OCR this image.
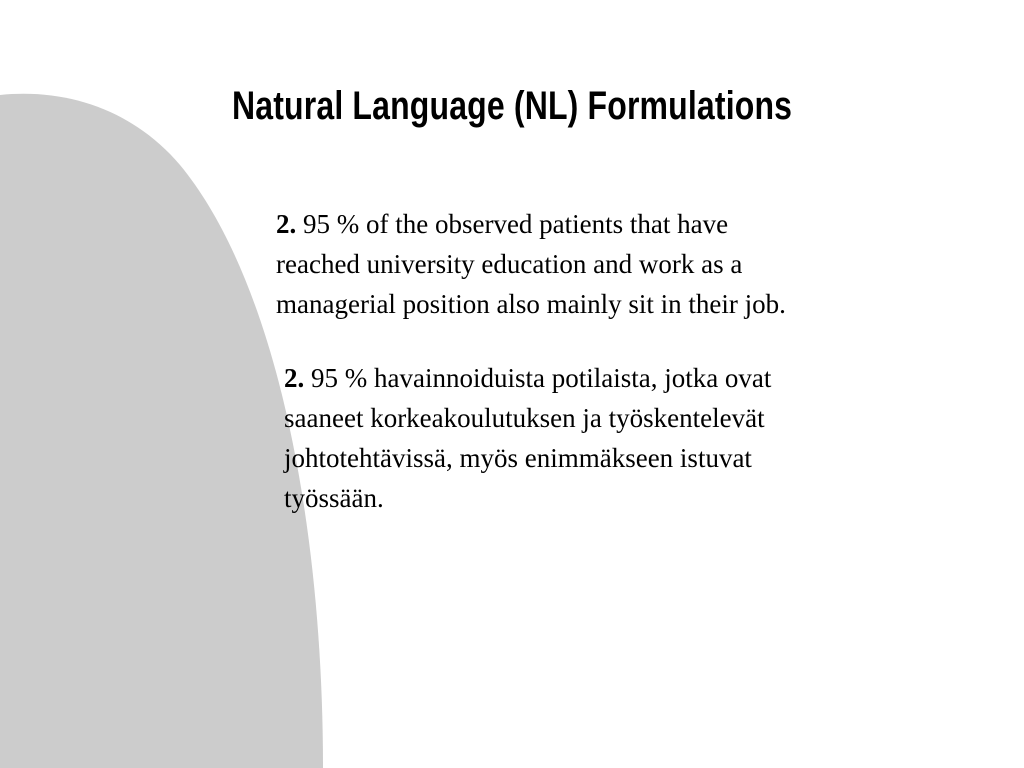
Natural Language (NL) Formulations

2. 95 % of the observed patients that have
reached university education and work as a
managerial position also mainly sit in their job.

2. 95 % havainnoiduista potilaista, jotka ovat
saaneet korkeakoulutuksen ja työskentelevät
johtotehtävissä, myös enimmäkseen istuvat
työssään.
